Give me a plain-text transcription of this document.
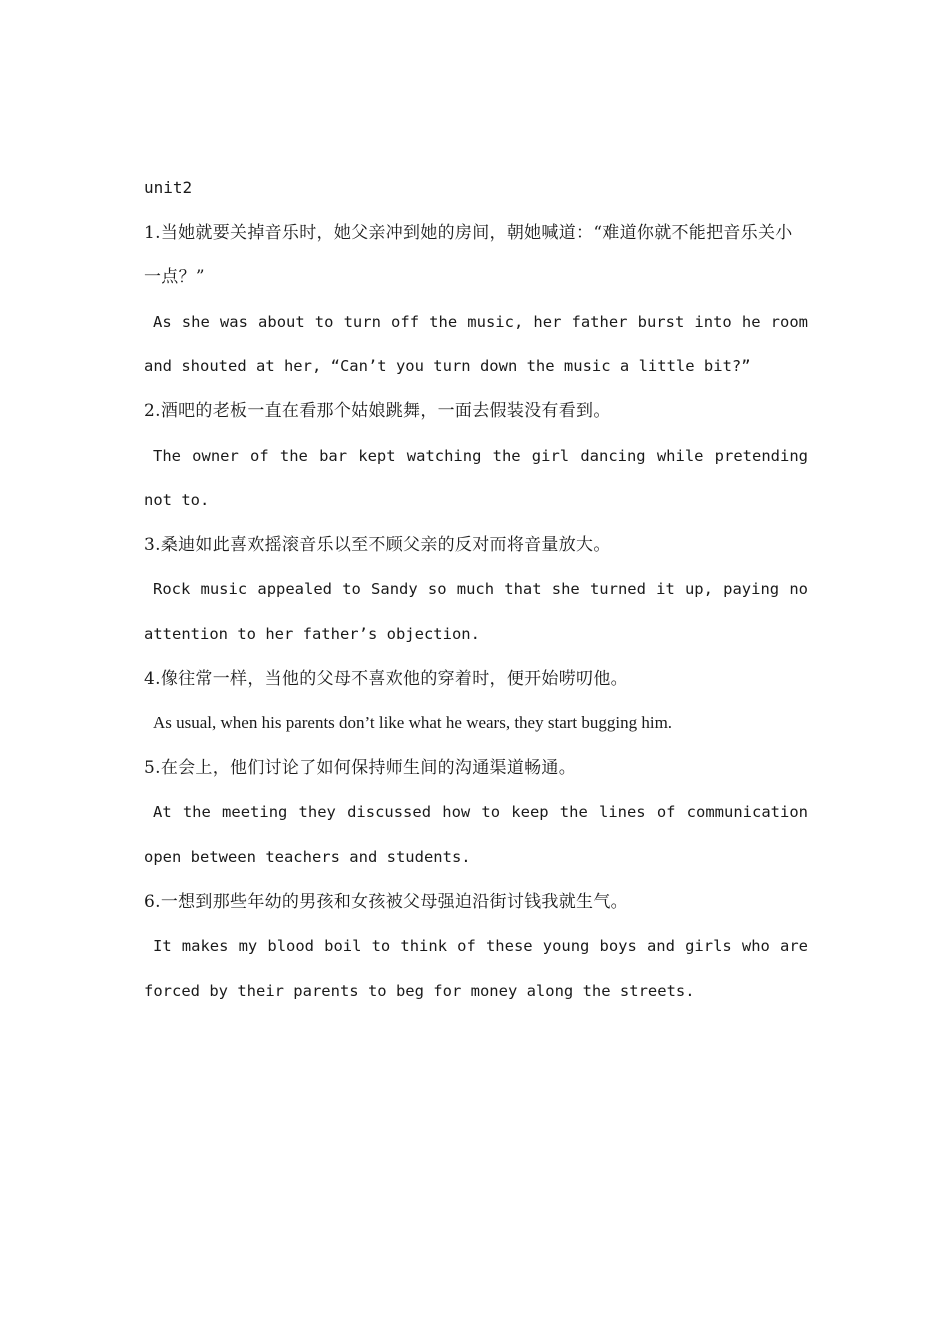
unit2

1.当她就要关掉音乐时，她父亲冲到她的房间，朝她喊道：“难道你就不能把音乐关小一点？”

As she was about to turn off the music, her father burst into he room and shouted at her, “Can’t you turn down the music a little bit?”

2.酒吧的老板一直在看那个姑娘跳舞，一面去假装没有看到。

The owner of the bar kept watching the girl dancing while pretending not to.

3.桑迪如此喜欢摇滚音乐以至不顾父亲的反对而将音量放大。

Rock music appealed to Sandy so much that she turned it up, paying no attention to her father’s objection.

4.像往常一样，当他的父母不喜欢他的穿着时，便开始唠叨他。

As usual, when his parents don’t like what he wears, they start bugging him.

5.在会上，他们讨论了如何保持师生间的沟通渠道畅通。

At the meeting they discussed how to keep the lines of communication open between teachers and students.

6.一想到那些年幼的男孩和女孩被父母强迫沿街讨钱我就生气。

It makes my blood boil to think of these young boys and girls who are forced by their parents to beg for money along the streets.
